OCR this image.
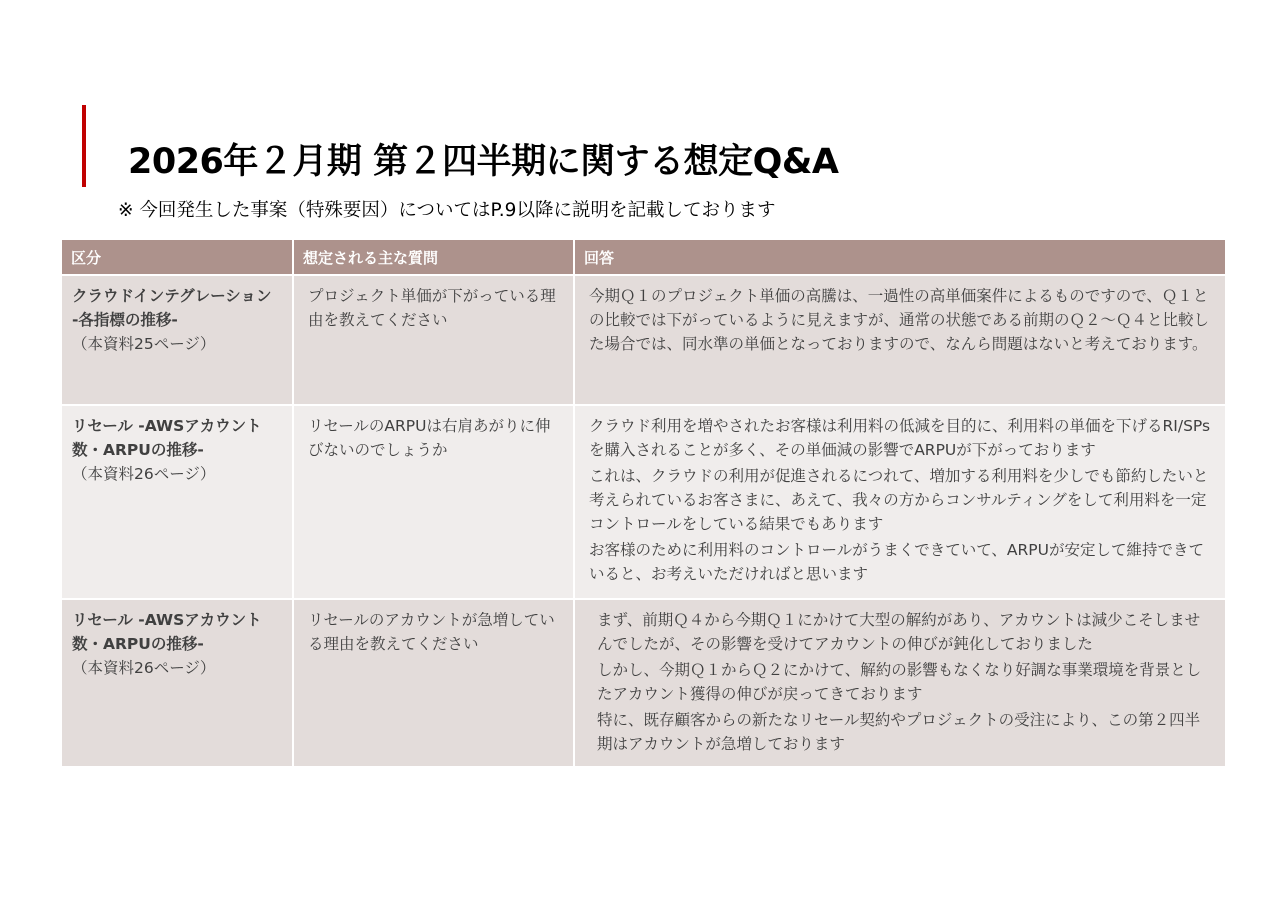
2026年２月期 第２四半期に関する想定Q&A
※ 今回発生した事案（特殊要因）についてはP.9以降に説明を記載しております
区分	想定される主な質問	回答

クラウドインテグレーション -各指標の推移-
（本資料25ページ）	プロジェクト単価が下がっている理由を教えてください	今期Ｑ１のプロジェクト単価の高騰は、一過性の高単価案件によるものですので、Ｑ１との比較では下がっているように見えますが、通常の状態である前期のＱ２～Ｑ４と比較した場合では、同水準の単価となっておりますので、なんら問題はないと考えております。

リセール -AWSアカウント数・ARPUの推移-
（本資料26ページ）	リセールのARPUは右肩あがりに伸びないのでしょうか	クラウド利用を増やされたお客様は利用料の低減を目的に、利用料の単価を下げるRI/SPsを購入されることが多く、その単価減の影響でARPUが下がっております
これは、クラウドの利用が促進されるにつれて、増加する利用料を少しでも節約したいと考えられているお客さまに、あえて、我々の方からコンサルティングをして利用料を一定コントロールをしている結果でもあります
お客様のために利用料のコントロールがうまくできていて、ARPUが安定して維持できていると、お考えいただければと思います

リセール -AWSアカウント数・ARPUの推移-
（本資料26ページ）	リセールのアカウントが急増している理由を教えてください	まず、前期Ｑ４から今期Ｑ１にかけて大型の解約があり、アカウントは減少こそしませんでしたが、その影響を受けてアカウントの伸びが鈍化しておりました
しかし、今期Ｑ１からＱ２にかけて、解約の影響もなくなり好調な事業環境を背景としたアカウント獲得の伸びが戻ってきております
特に、既存顧客からの新たなリセール契約やプロジェクトの受注により、この第２四半期はアカウントが急増しております
